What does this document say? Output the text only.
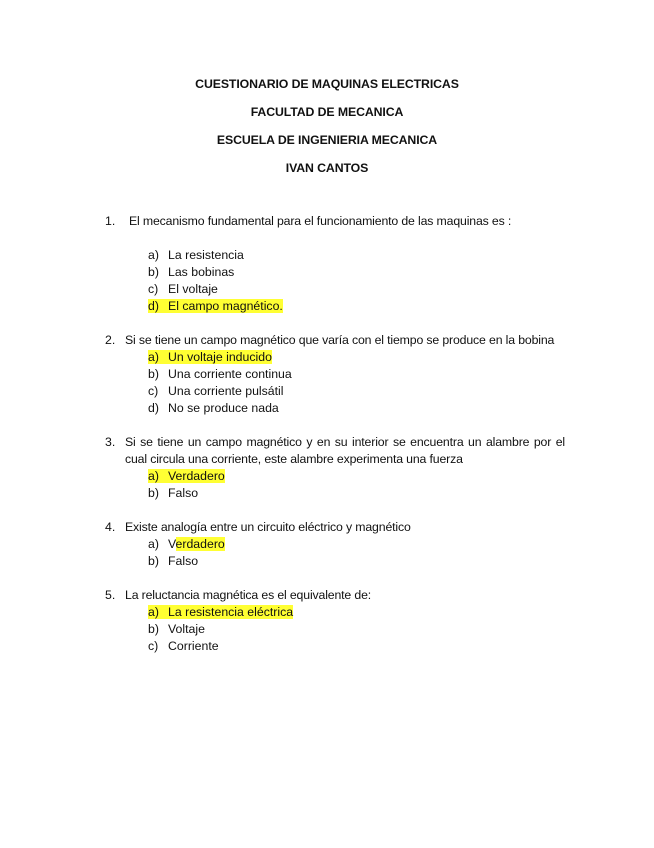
CUESTIONARIO DE MAQUINAS ELECTRICAS
FACULTAD DE MECANICA
ESCUELA DE INGENIERIA MECANICA
IVAN CANTOS
1.	El mecanismo fundamental para el funcionamiento de las maquinas es :
a) La resistencia
b) Las bobinas
c) El voltaje
d) El campo magnético.
2. Si se tiene un campo magnético que varía con el tiempo se produce en la bobina
a) Un voltaje inducido
b) Una corriente continua
c) Una corriente pulsátil
d) No se produce nada
3. Si se tiene un campo magnético y en su interior se encuentra un alambre por el cual circula una corriente, este alambre experimenta una fuerza
a) Verdadero
b) Falso
4. Existe analogía entre un circuito eléctrico y magnético
a) Verdadero
b) Falso
5. La reluctancia magnética es el equivalente de:
a) La resistencia eléctrica
b) Voltaje
c) Corriente
